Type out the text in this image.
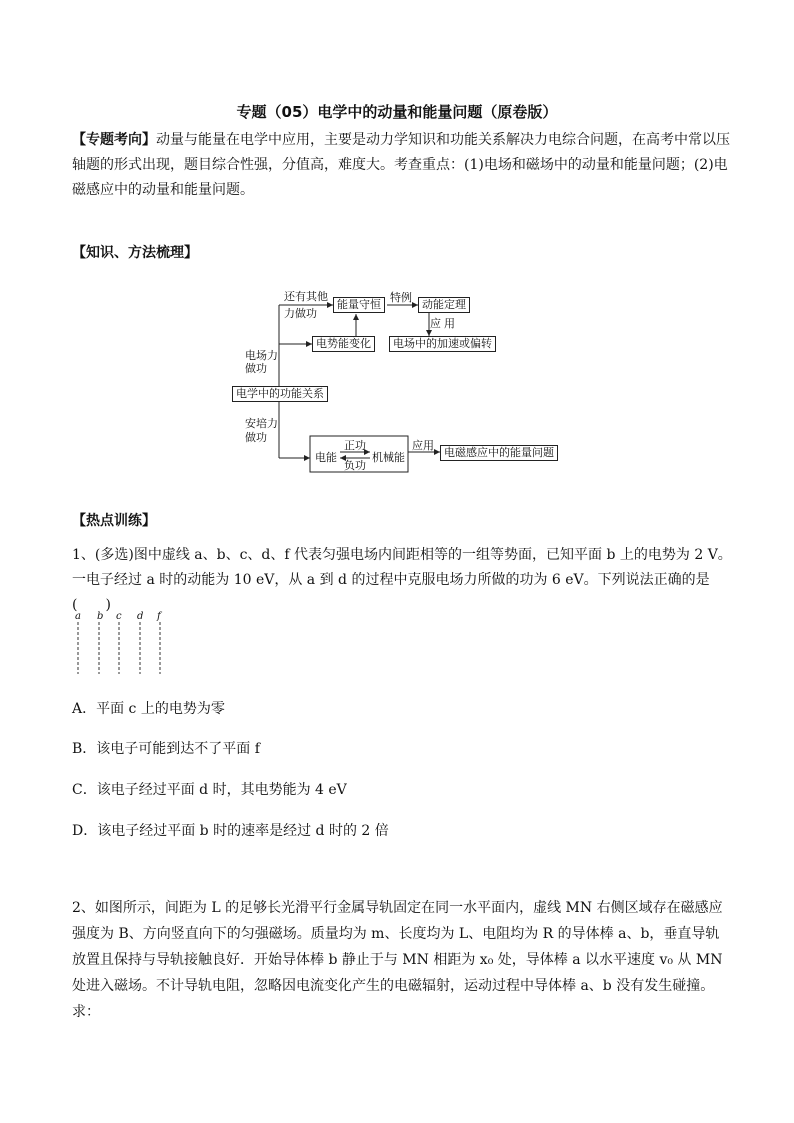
专题（05）电学中的动量和能量问题（原卷版）
【专题考向】动量与能量在电学中应用，主要是动力学知识和功能关系解决力电综合问题，在高考中常以压轴题的形式出现，题目综合性强，分值高，难度大。考查重点：(1)电场和磁场中的动量和能量问题；(2)电磁感应中的动量和能量问题。
【知识、方法梳理】
能量守恒	动能定理
电势能变化	电场中的加速或偏转
电学中的功能关系
电磁感应中的能量问题
电能	机械能
正功
负功
应用
还有其他
力做功
特例
应 用
电场力
做功
安培力
做功
【热点训练】
1、(多选)图中虚线 a、b、c、d、f 代表匀强电场内间距相等的一组等势面，已知平面 b 上的电势为 2 V。一电子经过 a 时的动能为 10 eV，从 a 到 d 的过程中克服电场力所做的功为 6 eV。下列说法正确的是(　　)
a b c d f
A．平面 c 上的电势为零
B．该电子可能到达不了平面 f
C．该电子经过平面 d 时，其电势能为 4 eV
D．该电子经过平面 b 时的速率是经过 d 时的 2 倍
2、如图所示，间距为 L 的足够长光滑平行金属导轨固定在同一水平面内，虚线 MN 右侧区域存在磁感应强度为 B、方向竖直向下的匀强磁场。质量均为 m、长度均为 L、电阻均为 R 的导体棒 a、b，垂直导轨放置且保持与导轨接触良好．开始导体棒 b 静止于与 MN 相距为 x₀ 处，导体棒 a 以水平速度 v₀ 从 MN 处进入磁场。不计导轨电阻，忽略因电流变化产生的电磁辐射，运动过程中导体棒 a、b 没有发生碰撞。求：
